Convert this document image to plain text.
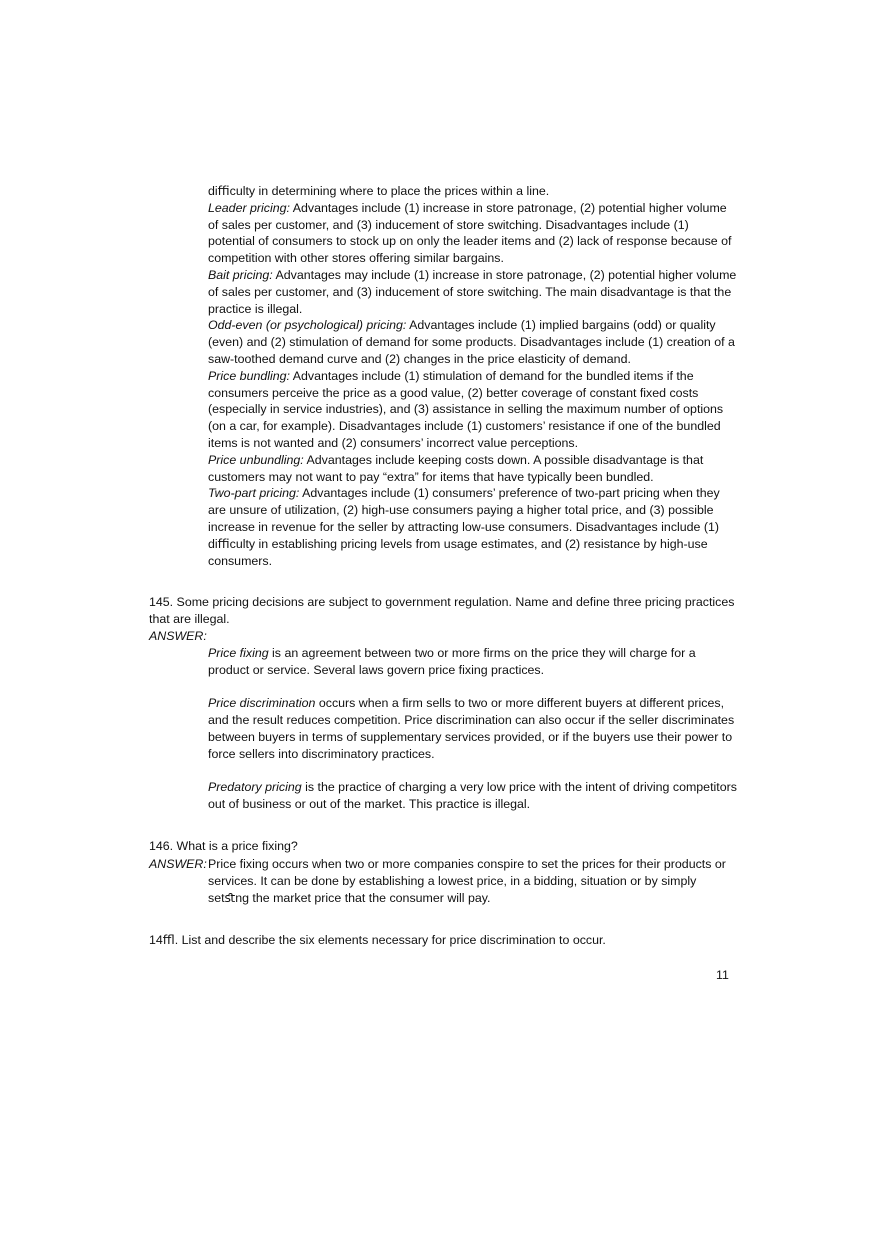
diﬃculty in determining where to place the prices within a line.

Leader pricing: Advantages include (1) increase in store patronage, (2) potential higher volume of sales per customer, and (3) inducement of store switching. Disadvantages include (1) potential of consumers to stock up on only the leader items and (2) lack of response because of competition with other stores offering similar bargains.

Bait pricing: Advantages may include (1) increase in store patronage, (2) potential higher volume of sales per customer, and (3) inducement of store switching. The main disadvantage is that the practice is illegal.

Odd-even (or psychological) pricing: Advantages include (1) implied bargains (odd) or quality (even) and (2) stimulation of demand for some products. Disadvantages include (1) creation of a saw-toothed demand curve and (2) changes in the price elasticity of demand.

Price bundling: Advantages include (1) stimulation of demand for the bundled items if the consumers perceive the price as a good value, (2) better coverage of constant fixed costs (especially in service industries), and (3) assistance in selling the maximum number of options (on a car, for example). Disadvantages include (1) customers’ resistance if one of the bundled items is not wanted and (2) consumers’ incorrect value perceptions.

Price unbundling: Advantages include keeping costs down. A possible disadvantage is that customers may not want to pay “extra” for items that have typically been bundled.

Two-part pricing: Advantages include (1) consumers’ preference of two-part pricing when they are unsure of utilization, (2) high-use consumers paying a higher total price, and (3) possible increase in revenue for the seller by attracting low-use consumers. Disadvantages include (1) diﬃculty in establishing pricing levels from usage estimates, and (2) resistance by high-use consumers.

145. Some pricing decisions are subject to government regulation. Name and define three pricing practices that are illegal.
ANSWER:

Price fixing is an agreement between two or more firms on the price they will charge for a product or service. Several laws govern price fixing practices.

Price discrimination occurs when a firm sells to two or more different buyers at different prices, and the result reduces competition. Price discrimination can also occur if the seller discriminates between buyers in terms of supplementary services provided, or if the buyers use their power to force sellers into discriminatory practices.

Predatory pricing is the practice of charging a very low price with the intent of driving competitors out of business or out of the market. This practice is illegal.

146. What is a price fixing?
ANSWER: Price fixing occurs when two or more companies conspire to set the prices for their products or services. It can be done by establishing a lowest price, in a bidding, situation or by simply setﬆng the market price that the consumer will pay.
14ﬄ. List and describe the six elements necessary for price discrimination to occur.
11
